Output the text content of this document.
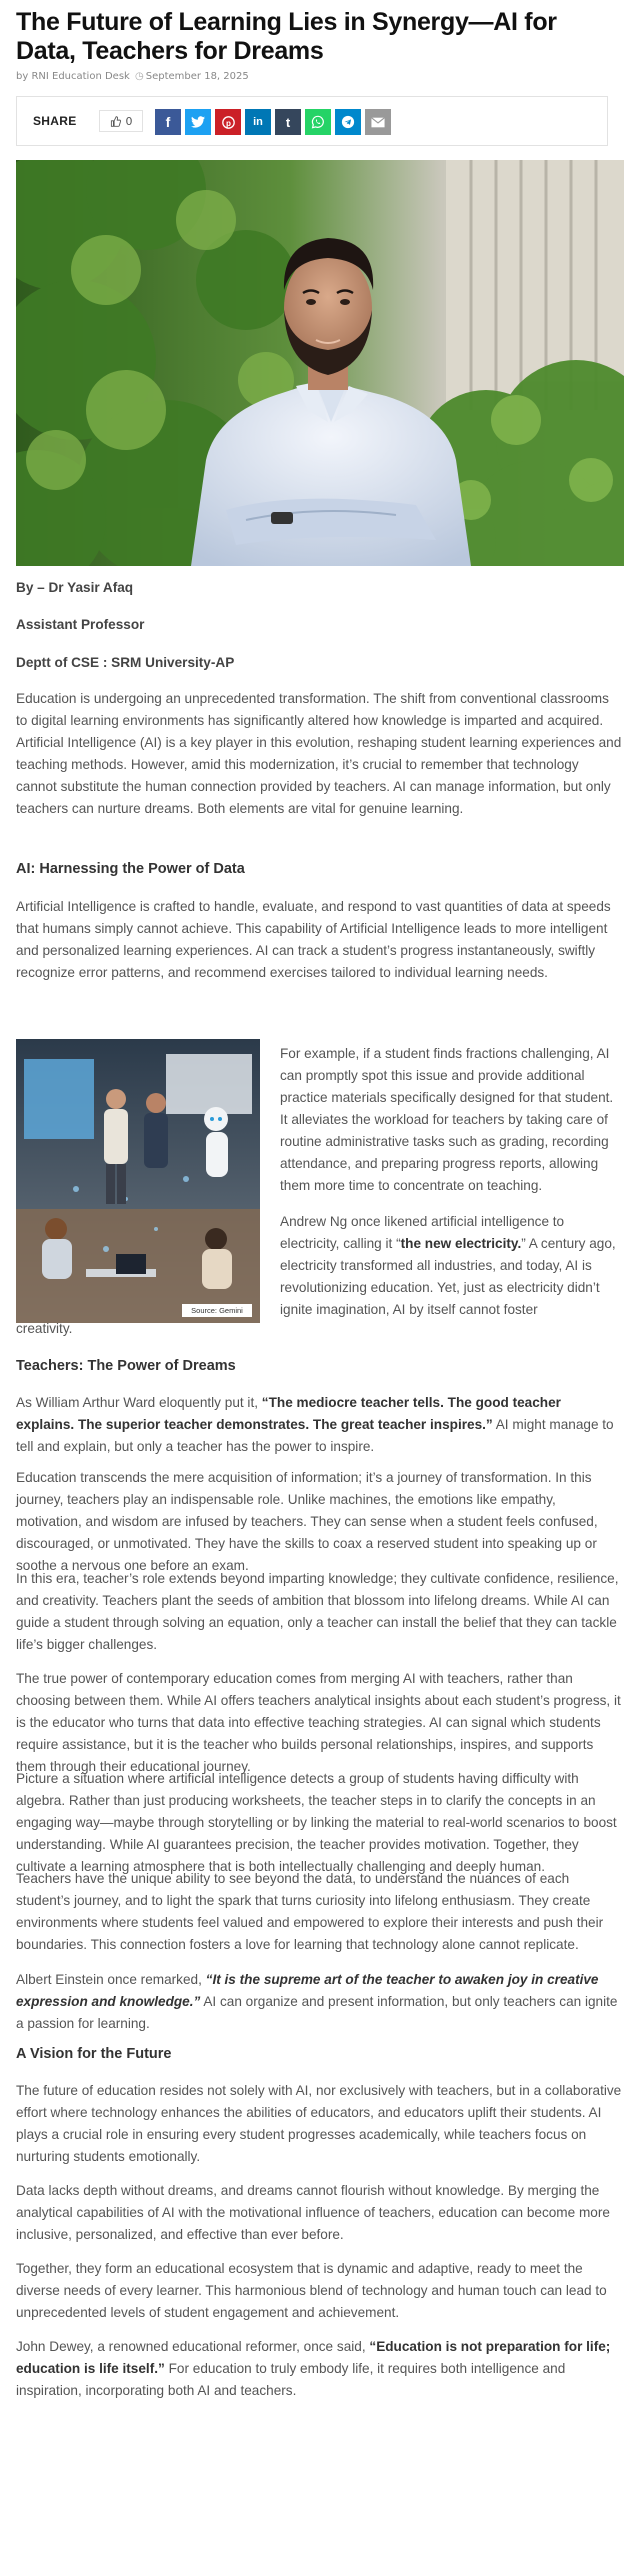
The Future of Learning Lies in Synergy—AI for Data, Teachers for Dreams
by RNI Education Desk ◷ September 18, 2025
SHARE	0 f	p in t

By – Dr Yasir Afaq

Assistant Professor

Deptt of CSE : SRM University-AP

Education is undergoing an unprecedented transformation. The shift from conventional classrooms to digital learning environments has significantly altered how knowledge is imparted and acquired. Artificial Intelligence (AI) is a key player in this evolution, reshaping student learning experiences and teaching methods. However, amid this modernization, it’s crucial to remember that technology cannot substitute the human connection provided by teachers. AI can manage information, but only teachers can nurture dreams. Both elements are vital for genuine learning.

AI: Harnessing the Power of Data

Artificial Intelligence is crafted to handle, evaluate, and respond to vast quantities of data at speeds that humans simply cannot achieve. This capability of Artificial Intelligence leads to more intelligent and personalized learning experiences. AI can track a student’s progress instantaneously, swiftly recognize error patterns, and recommend exercises tailored to individual learning needs.

Source: Gemini

For example, if a student finds fractions challenging, AI can promptly spot this issue and provide additional practice materials specifically designed for that student. It alleviates the workload for teachers by taking care of routine administrative tasks such as grading, recording attendance, and preparing progress reports, allowing them more time to concentrate on teaching.

Andrew Ng once likened artificial intelligence to electricity, calling it “the new electricity.” A century ago, electricity transformed all industries, and today, AI is revolutionizing education. Yet, just as electricity didn’t ignite imagination, AI by itself cannot foster

creativity.

Teachers: The Power of Dreams

As William Arthur Ward eloquently put it, “The mediocre teacher tells. The good teacher explains. The superior teacher demonstrates. The great teacher inspires.” AI might manage to tell and explain, but only a teacher has the power to inspire.

Education transcends the mere acquisition of information; it’s a journey of transformation. In this journey, teachers play an indispensable role. Unlike machines, the emotions like empathy, motivation, and wisdom are infused by teachers. They can sense when a student feels confused, discouraged, or unmotivated. They have the skills to coax a reserved student into speaking up or soothe a nervous one before an exam.

In this era, teacher’s role extends beyond imparting knowledge; they cultivate confidence, resilience, and creativity. Teachers plant the seeds of ambition that blossom into lifelong dreams. While AI can guide a student through solving an equation, only a teacher can install the belief that they can tackle life’s bigger challenges.

The true power of contemporary education comes from merging AI with teachers, rather than choosing between them. While AI offers teachers analytical insights about each student’s progress, it is the educator who turns that data into effective teaching strategies. AI can signal which students require assistance, but it is the teacher who builds personal relationships, inspires, and supports them through their educational journey.

Picture a situation where artificial intelligence detects a group of students having difficulty with algebra. Rather than just producing worksheets, the teacher steps in to clarify the concepts in an engaging way—maybe through storytelling or by linking the material to real-world scenarios to boost understanding. While AI guarantees precision, the teacher provides motivation. Together, they cultivate a learning atmosphere that is both intellectually challenging and deeply human.

Teachers have the unique ability to see beyond the data, to understand the nuances of each student’s journey, and to light the spark that turns curiosity into lifelong enthusiasm. They create environments where students feel valued and empowered to explore their interests and push their boundaries. This connection fosters a love for learning that technology alone cannot replicate.

Albert Einstein once remarked, “It is the supreme art of the teacher to awaken joy in creative expression and knowledge.” AI can organize and present information, but only teachers can ignite a passion for learning.

A Vision for the Future

The future of education resides not solely with AI, nor exclusively with teachers, but in a collaborative effort where technology enhances the abilities of educators, and educators uplift their students. AI plays a crucial role in ensuring every student progresses academically, while teachers focus on nurturing students emotionally.

Data lacks depth without dreams, and dreams cannot flourish without knowledge. By merging the analytical capabilities of AI with the motivational influence of teachers, education can become more inclusive, personalized, and effective than ever before.

Together, they form an educational ecosystem that is dynamic and adaptive, ready to meet the diverse needs of every learner. This harmonious blend of technology and human touch can lead to unprecedented levels of student engagement and achievement.

John Dewey, a renowned educational reformer, once said, “Education is not preparation for life; education is life itself.” For education to truly embody life, it requires both intelligence and inspiration, incorporating both AI and teachers.
